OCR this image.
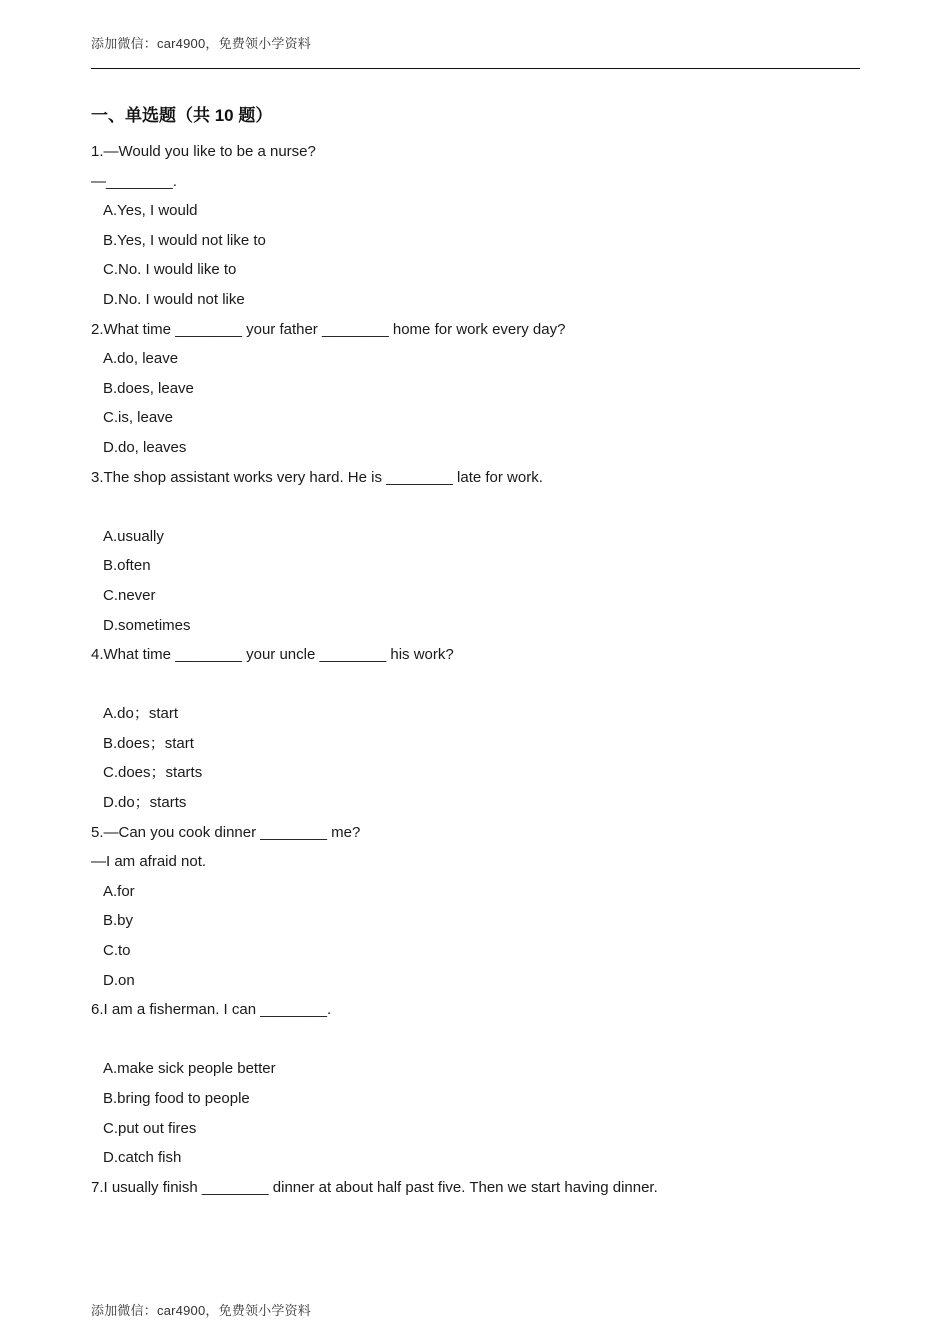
添加微信：car4900，免费领小学资料
一、单选题（共 10 题）
1.—Would you like to be a nurse?
—________.
A.Yes, I would
B.Yes, I would not like to
C.No. I would like to
D.No. I would not like
2.What time ________ your father ________ home for work every day?
A.do, leave
B.does, leave
C.is, leave
D.do, leaves
3.The shop assistant works very hard. He is ________ late for work.
A.usually
B.often
C.never
D.sometimes
4.What time ________ your uncle ________ his work?
A.do；start
B.does；start
C.does；starts
D.do；starts
5.—Can you cook dinner ________ me?
—I am afraid not.
A.for
B.by
C.to
D.on
6.I am a fisherman. I can ________.
A.make sick people better
B.bring food to people
C.put out fires
D.catch fish
7.I usually finish ________ dinner at about half past five. Then we start having dinner.
添加微信：car4900，免费领小学资料
